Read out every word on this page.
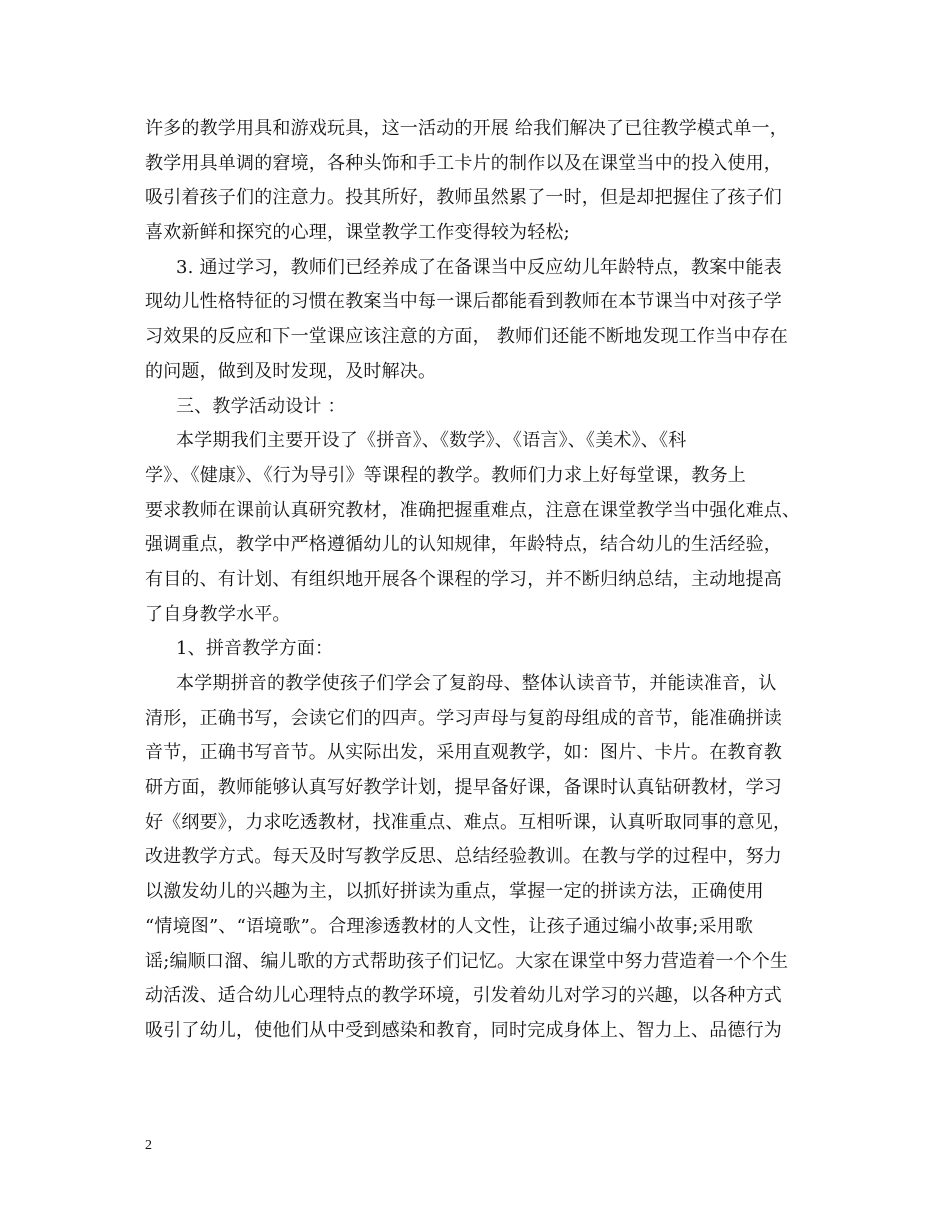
许多的教学用具和游戏玩具，这一活动的开展 给我们解决了已往教学模式单一，
教学用具单调的窘境，各种头饰和手工卡片的制作以及在课堂当中的投入使用，
吸引着孩子们的注意力。投其所好，教师虽然累了一时，但是却把握住了孩子们
喜欢新鲜和探究的心理，课堂教学工作变得较为轻松;
3. 通过学习，教师们已经养成了在备课当中反应幼儿年龄特点，教案中能表
现幼儿性格特征的习惯在教案当中每一课后都能看到教师在本节课当中对孩子学
习效果的反应和下一堂课应该注意的方面， 教师们还能不断地发现工作当中存在
的问题，做到及时发现，及时解决。
三、教学活动设计 ：
本学期我们主要开设了《拼音》、《数学》、《语言》、《美术》、《科
学》、《健康》、《行为导引》等课程的教学。教师们力求上好每堂课，教务上
要求教师在课前认真研究教材，准确把握重难点，注意在课堂教学当中强化难点、
强调重点，教学中严格遵循幼儿的认知规律，年龄特点，结合幼儿的生活经验，
有目的、有计划、有组织地开展各个课程的学习，并不断归纳总结，主动地提高
了自身教学水平。
1、拼音教学方面：
本学期拼音的教学使孩子们学会了复韵母、整体认读音节，并能读准音，认
清形，正确书写，会读它们的四声。学习声母与复韵母组成的音节，能准确拼读
音节，正确书写音节。从实际出发，采用直观教学，如：图片、卡片。在教育教
研方面，教师能够认真写好教学计划，提早备好课，备课时认真钻研教材，学习
好《纲要》，力求吃透教材，找准重点、难点。互相听课，认真听取同事的意见，
改进教学方式。每天及时写教学反思、总结经验教训。在教与学的过程中，努力
以激发幼儿的兴趣为主，以抓好拼读为重点，掌握一定的拼读方法，正确使用
“情境图”、“语境歌”。合理渗透教材的人文性，让孩子通过编小故事;采用歌
谣;编顺口溜、编儿歌的方式帮助孩子们记忆。大家在课堂中努力营造着一个个生
动活泼、适合幼儿心理特点的教学环境，引发着幼儿对学习的兴趣，以各种方式
吸引了幼儿，使他们从中受到感染和教育，同时完成身体上、智力上、品德行为
2
